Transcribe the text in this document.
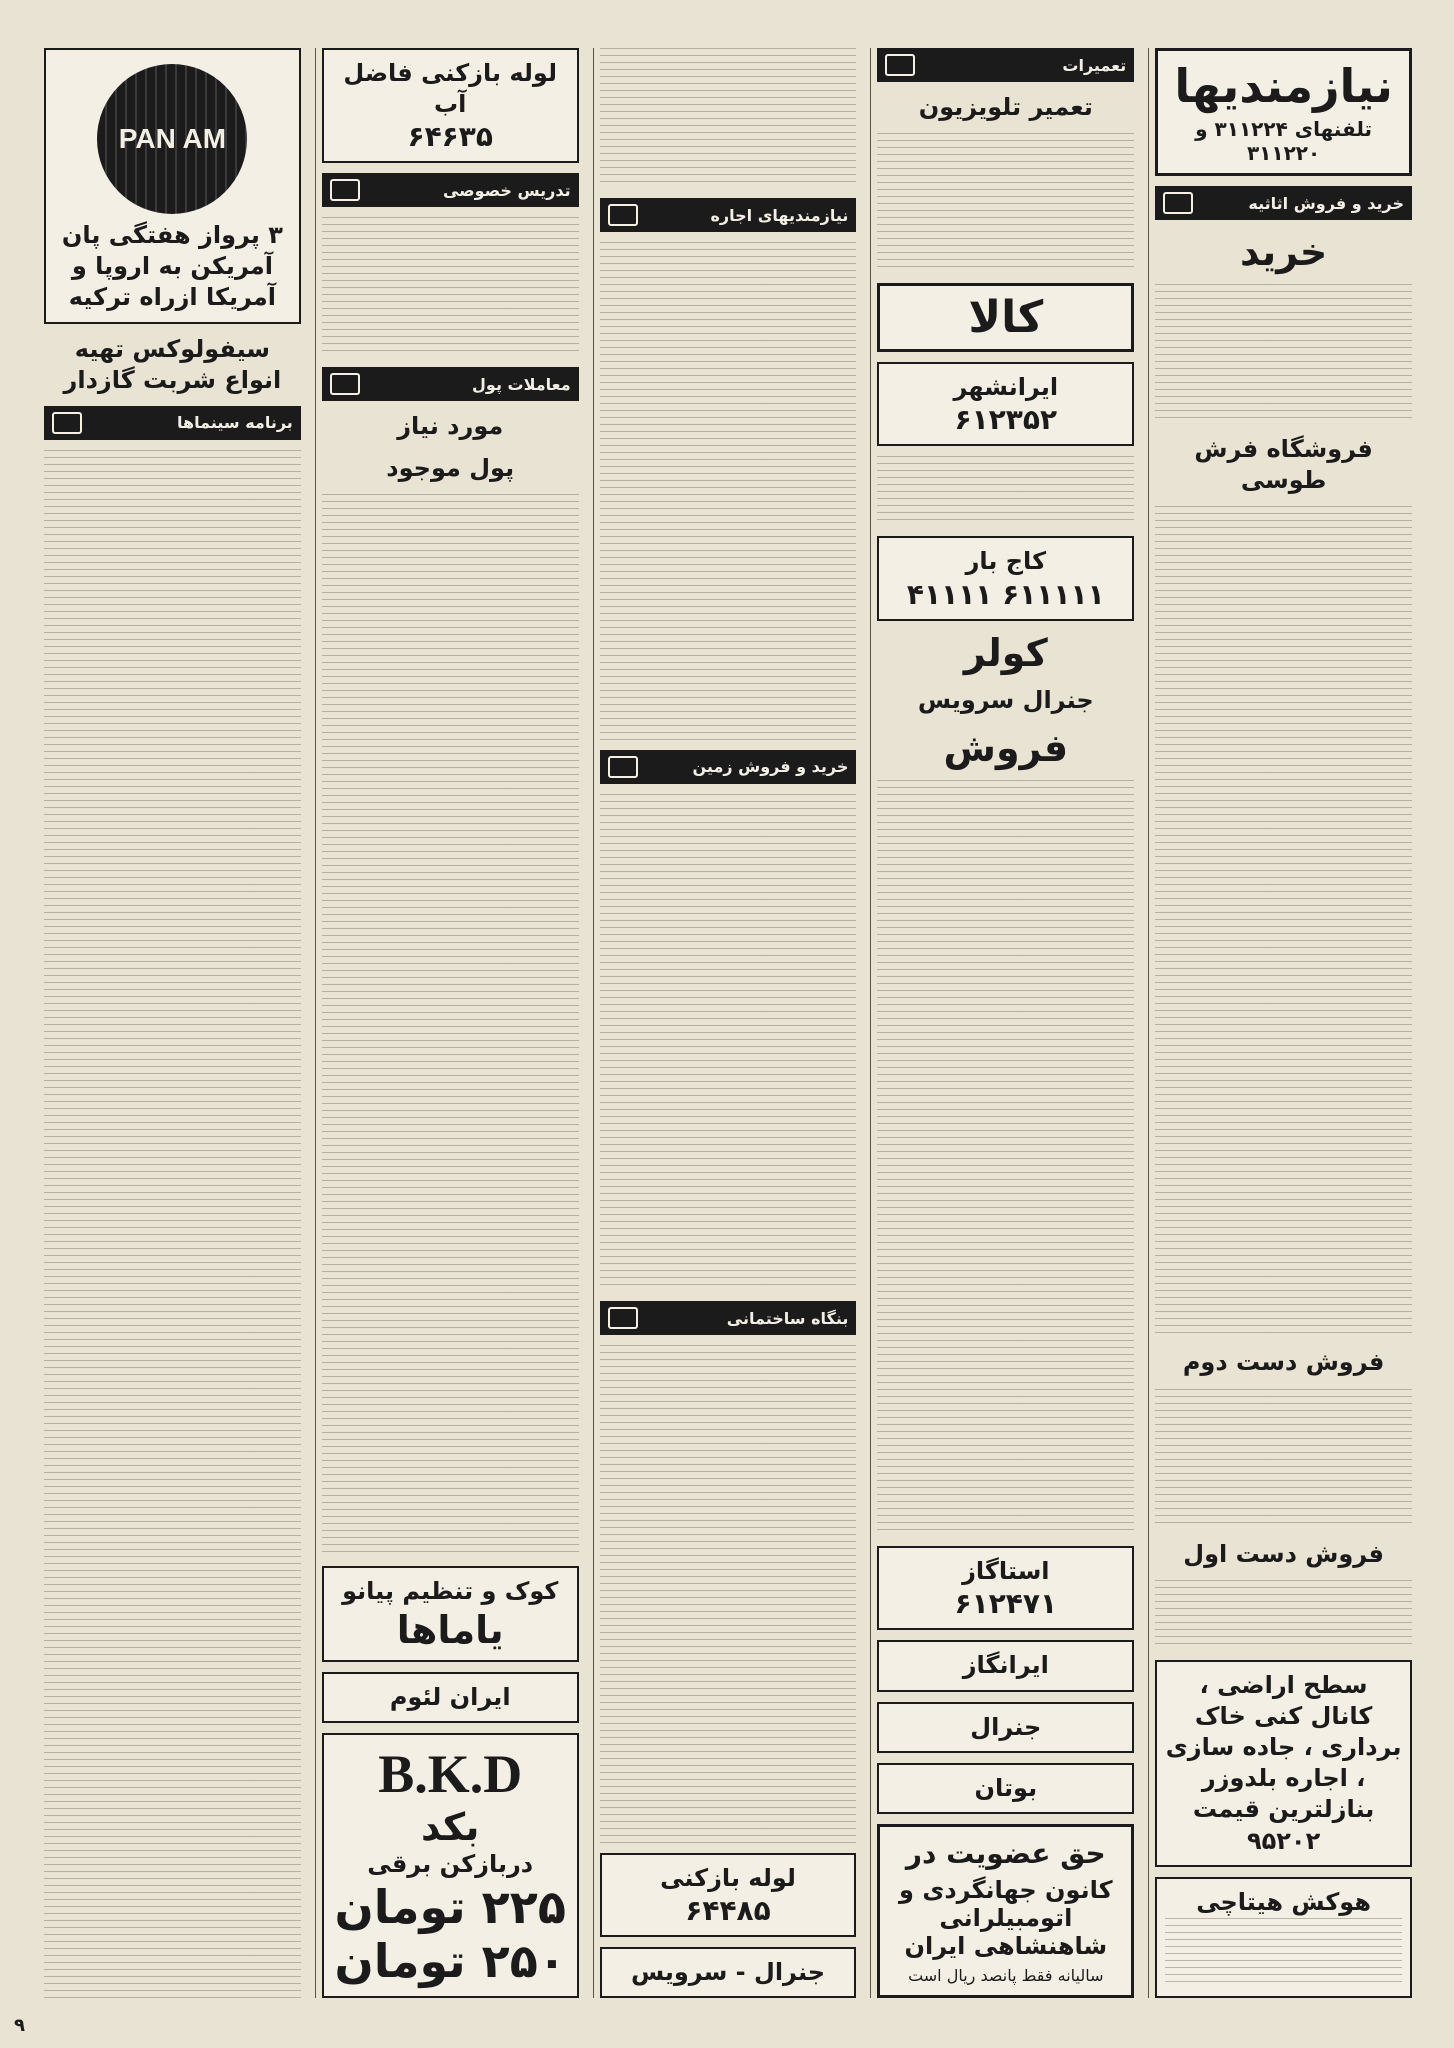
نیازمندیها
تلفنهای ۳۱۱۲۲۴ و ۳۱۱۲۲۰
خرید و فروش اثاثیه
خرید
فروشگاه فرش طوسی
فروش دست دوم
فروش دست اول
سطح اراضی ، کانال کنی خاک برداری ، جاده سازی ، اجاره بلدوزر بنازلترین قیمت ۹۵۲۰۲
هوکش هیتاچی
تعمیرات
تعمیر تلویزیون
کالا
ایرانشهر
۶۱۲۳۵۲
کاج بار
۴۱۱۱۱ ۶۱۱۱۱۱
کولر
جنرال سرویس
فروش
استاگاز
۶۱۲۴۷۱
ایرانگاز
جنرال
بوتان
حق عضویت در
کانون جهانگردی و اتومبیلرانی شاهنشاهی ایران
سالیانه فقط پانصد ریال است
نیازمندیهای اجاره
خرید و فروش زمین
بنگاه ساختمانی
لوله بازکنی
۶۴۴۸۵
جنرال - سرویس
لوله بازکنی فاضل آب
۶۴۶۳۵
تدریس خصوصی
معاملات پول
مورد نیاز
پول موجود
کوک و تنظیم پیانو
یاماها
ایران لئوم
B.K.D
بکد
دربازکن برقی
۲۲۵ تومان
۲۵۰ تومان
PAN AM
۳ پرواز هفتگی پان آمریکن به اروپا و آمریکا ازراه ترکیه
سیفولوکس تهیه انواع شربت گازدار
برنامه سینماها
۹
